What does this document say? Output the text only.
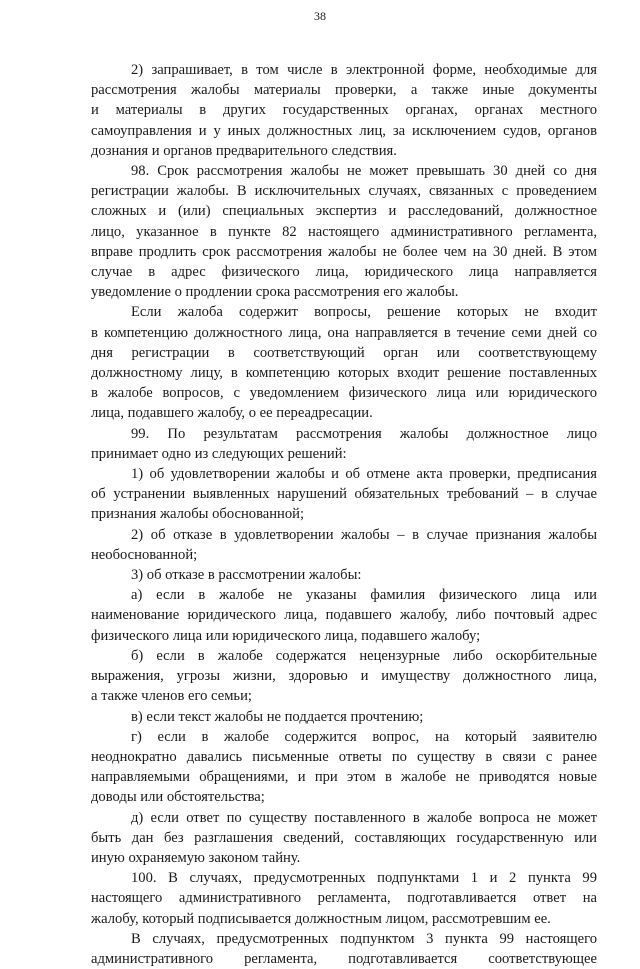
38
2) запрашивает, в том числе в электронной форме, необходимые для
рассмотрения жалобы материалы проверки, а также иные документы
и материалы в других государственных органах, органах местного
самоуправления и у иных должностных лиц, за исключением судов, органов
дознания и органов предварительного следствия.
98. Срок рассмотрения жалобы не может превышать 30 дней со дня
регистрации жалобы. В исключительных случаях, связанных с проведением
сложных и (или) специальных экспертиз и расследований, должностное
лицо, указанное в пункте 82 настоящего административного регламента,
вправе продлить срок рассмотрения жалобы не более чем на 30 дней. В этом
случае в адрес физического лица, юридического лица направляется
уведомление о продлении срока рассмотрения его жалобы.
Если жалоба содержит вопросы, решение которых не входит
в компетенцию должностного лица, она направляется в течение семи дней со
дня регистрации в соответствующий орган или соответствующему
должностному лицу, в компетенцию которых входит решение поставленных
в жалобе вопросов, с уведомлением физического лица или юридического
лица, подавшего жалобу, о ее переадресации.
99. По результатам рассмотрения жалобы должностное лицо
принимает одно из следующих решений:
1) об удовлетворении жалобы и об отмене акта проверки, предписания
об устранении выявленных нарушений обязательных требований – в случае
признания жалобы обоснованной;
2) об отказе в удовлетворении жалобы – в случае признания жалобы
необоснованной;
3) об отказе в рассмотрении жалобы:
а) если в жалобе не указаны фамилия физического лица или
наименование юридического лица, подавшего жалобу, либо почтовый адрес
физического лица или юридического лица, подавшего жалобу;
б) если в жалобе содержатся нецензурные либо оскорбительные
выражения, угрозы жизни, здоровью и имуществу должностного лица,
а также членов его семьи;
в) если текст жалобы не поддается прочтению;
г) если в жалобе содержится вопрос, на который заявителю
неоднократно давались письменные ответы по существу в связи с ранее
направляемыми обращениями, и при этом в жалобе не приводятся новые
доводы или обстоятельства;
д) если ответ по существу поставленного в жалобе вопроса не может
быть дан без разглашения сведений, составляющих государственную или
иную охраняемую законом тайну.
100. В случаях, предусмотренных подпунктами 1 и 2 пункта 99
настоящего административного регламента, подготавливается ответ на
жалобу, который подписывается должностным лицом, рассмотревшим ее.
В случаях, предусмотренных подпунктом 3 пункта 99 настоящего
административного регламента, подготавливается соответствующее
